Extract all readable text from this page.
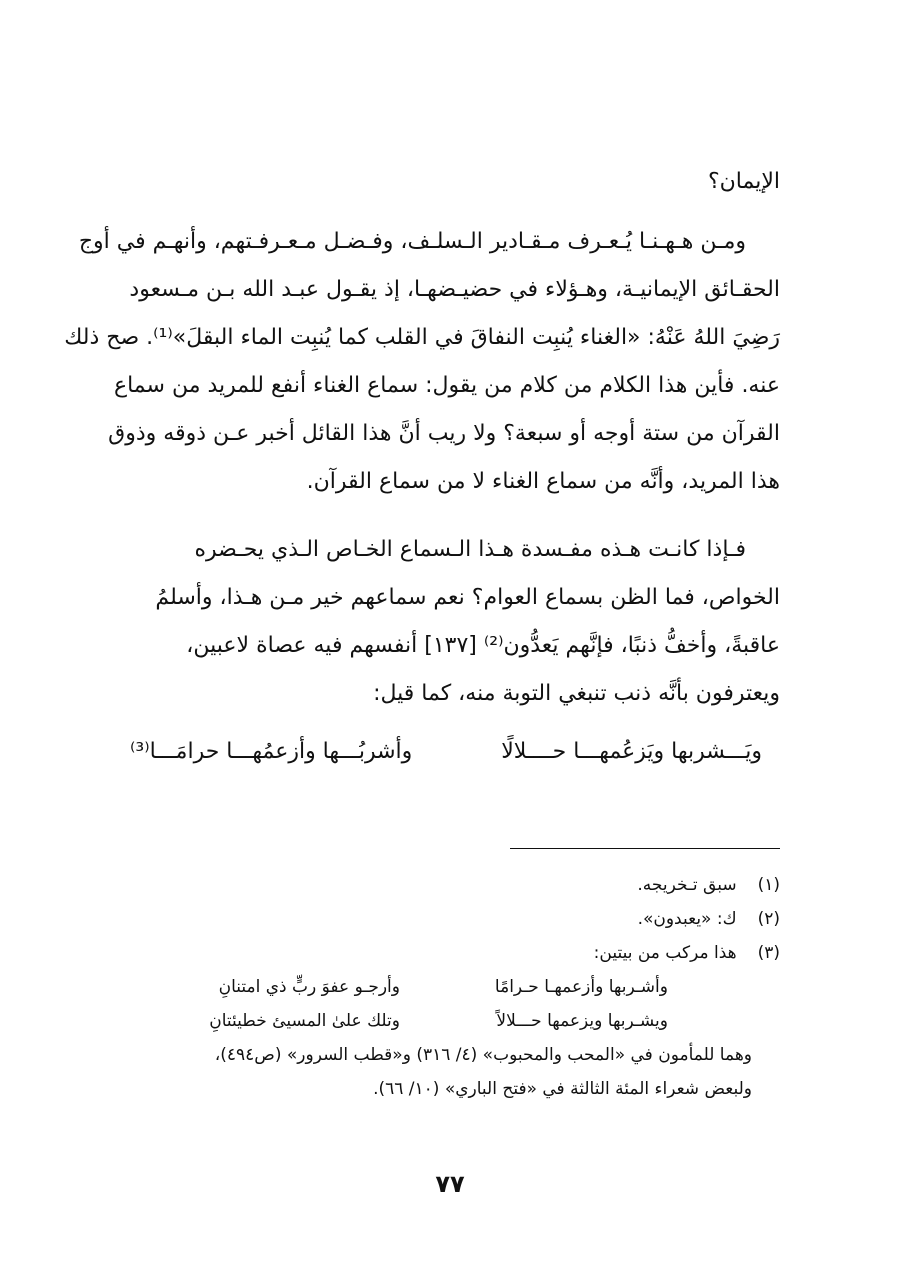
الإيمان؟

ومـن هـهـنـا يُـعـرف مـقـادير الـسلـف، وفـضـل مـعـرفـتهم، وأنهـم في أوج
الحقـائق الإيمانيـة، وهـؤلاء في حضيـضهـا، إذ يقـول عبـد الله بـن مـسعود
رَضِيَ اللهُ عَنْهُ: «الغناء يُنبِت النفاقَ في القلب كما يُنبِت الماء البقلَ»⁽¹⁾. صح ذلك
عنه. فأين هذا الكلام من كلام من يقول: سماع الغناء أنفع للمريد من سماع
القرآن من ستة أوجه أو سبعة؟ ولا ريب أنَّ هذا القائل أخبر عـن ذوقه وذوق
هذا المريد، وأنَّه من سماع الغناء لا من سماع القرآن.

فـإذا كانـت هـذه مفـسدة هـذا الـسماع الخـاص الـذي يحـضره
الخواص، فما الظن بسماع العوام؟ نعم سماعهم خير مـن هـذا، وأسلمُ
عاقبةً، وأخفُّ ذنبًا، فإنَّهم يَعدُّون⁽²⁾ [١٣٧] أنفسهم فيه عصاة لاعبين،
ويعترفون بأنَّه ذنب تنبغي التوبة منه، كما قيل:

ويَـــشربها ويَزعُمهـــا حــــلالًا
وأشربُـــها وأزعمُهـــا حرامَـــا⁽³⁾
(١) سبق تـخريجه.
(٢) ك: «يعبدون».
(٣) هذا مركب من بيتين:
وأشـربها وأزعمهـا حـرامًا
وأرجـو عفوَ ربٍّ ذي امتنانِ
ويشـربها ويزعمها حـــلالاً
وتلك علىٰ المسيئ خطيئتانِ
وهما للمأمون في «المحب والمحبوب» (٤/ ٣١٦) و«قطب السرور» (ص٤٩٤)،
ولبعض شعراء المئة الثالثة في «فتح الباري» (١٠/ ٦٦).
٧٧
